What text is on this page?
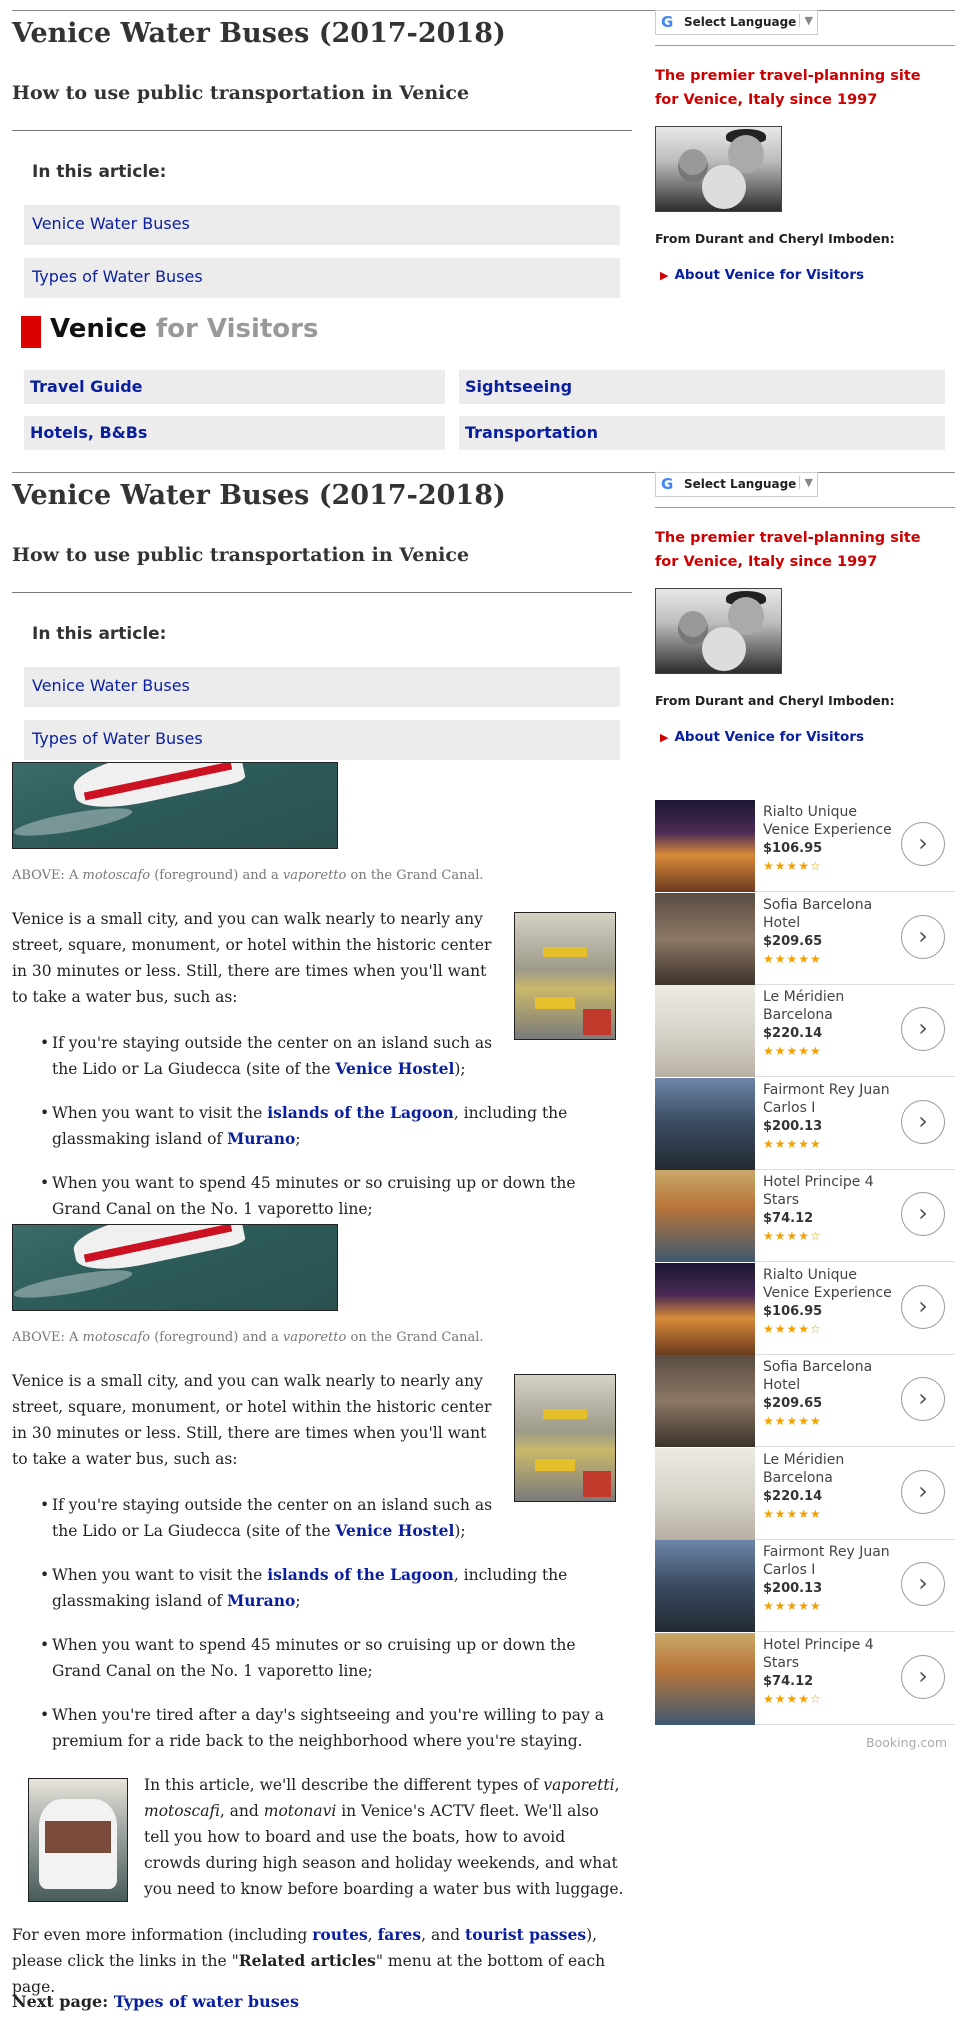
Venice Water Buses (2017-2018)
How to use public transportation in Venice
In this article:
Venice Water Buses
Types of Water Buses
G Select Language ▼
The premier travel-planning site
for Venice, Italy since 1997
From Durant and Cheryl Imboden:
▶ About Venice for Visitors
Venice for Visitors
Travel Guide	Sightseeing
Hotels, B&Bs	Transportation
Venice Water Buses (2017-2018)
How to use public transportation in Venice
In this article:
Venice Water Buses
Types of Water Buses
G Select Language ▼
The premier travel-planning site
for Venice, Italy since 1997
From Durant and Cheryl Imboden:
▶ About Venice for Visitors
ABOVE: A motoscafo (foreground) and a vaporetto on the Grand Canal.

Venice is a small city, and you can walk nearly to nearly any street, square, monument, or hotel within the historic center in 30 minutes or less. Still, there are times when you'll want to take a water bus, such as:

• If you're staying outside the center on an island such as the Lido or La Giudecca (site of the Venice Hostel);
• When you want to visit the islands of the Lagoon, including the glassmaking island of Murano;
• When you want to spend 45 minutes or so cruising up or down the Grand Canal on the No. 1 vaporetto line;
ABOVE: A motoscafo (foreground) and a vaporetto on the Grand Canal.

Venice is a small city, and you can walk nearly to nearly any street, square, monument, or hotel within the historic center in 30 minutes or less. Still, there are times when you'll want to take a water bus, such as:

• If you're staying outside the center on an island such as the Lido or La Giudecca (site of the Venice Hostel);
• When you want to visit the islands of the Lagoon, including the glassmaking island of Murano;
• When you want to spend 45 minutes or so cruising up or down the Grand Canal on the No. 1 vaporetto line;
• When you're tired after a day's sightseeing and you're willing to pay a premium for a ride back to the neighborhood where you're staying.

In this article, we'll describe the different types of vaporetti, motoscafi, and motonavi in Venice's ACTV fleet. We'll also tell you how to board and use the boats, how to avoid crowds during high season and holiday weekends, and what you need to know before boarding a water bus with luggage.

For even more information (including routes, fares, and tourist passes), please click the links in the "Related articles" menu at the bottom of each page.

Next page: Types of water buses
Rialto Unique Venice Experience
$106.95
★★★★☆
›
Sofia Barcelona Hotel
$209.65
★★★★★
›
Le Méridien Barcelona
$220.14
★★★★★
›
Fairmont Rey Juan Carlos I
$200.13
★★★★★
›
Hotel Principe 4 Stars
$74.12
★★★★☆
›
Rialto Unique Venice Experience
$106.95
★★★★☆
›
Sofia Barcelona Hotel
$209.65
★★★★★
›
Le Méridien Barcelona
$220.14
★★★★★
›
Fairmont Rey Juan Carlos I
$200.13
★★★★★
›
Hotel Principe 4 Stars
$74.12
★★★★☆
›
Booking.com
